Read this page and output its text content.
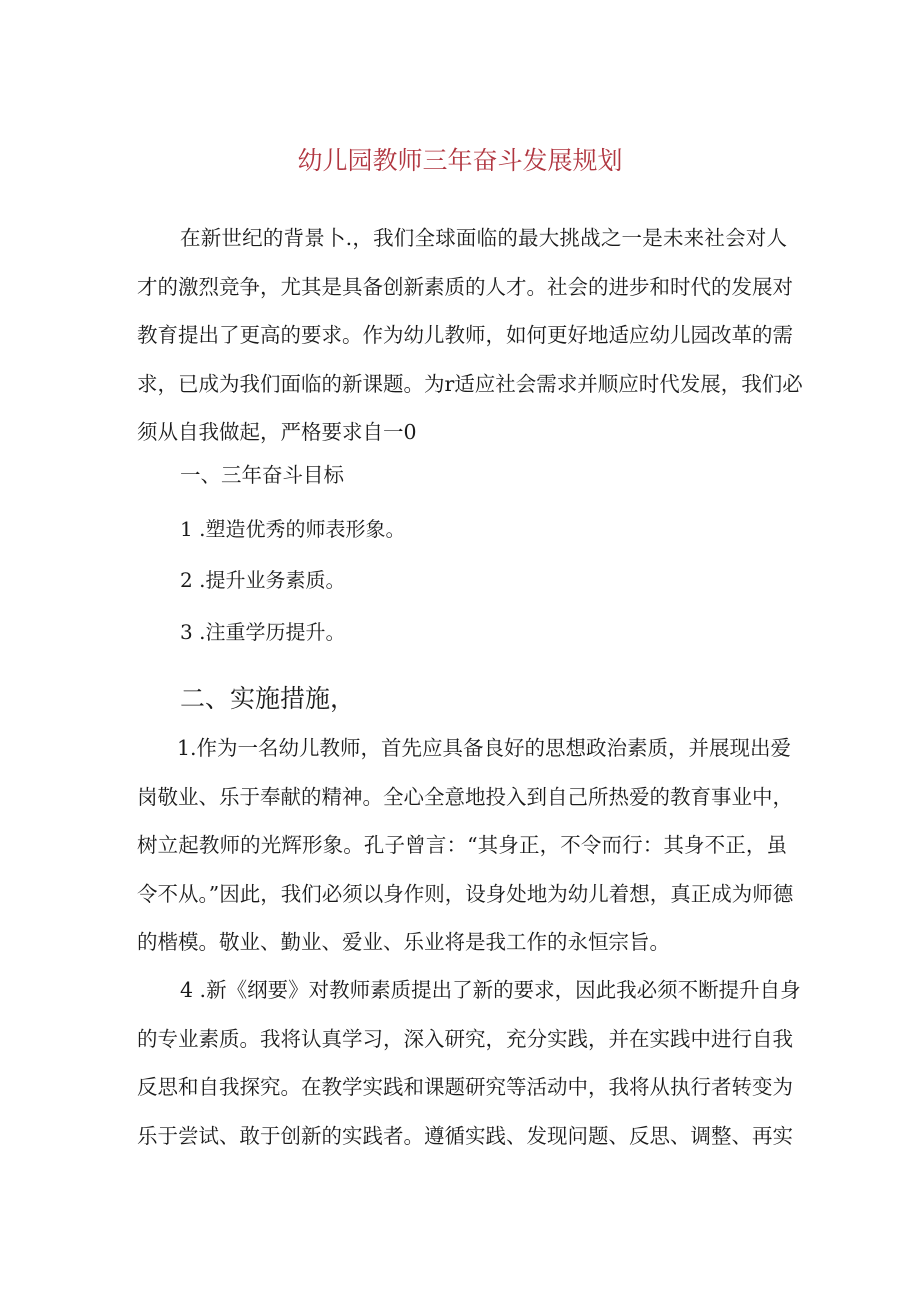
幼儿园教师三年奋斗发展规划
在新世纪的背景卜.，我们全球面临的最大挑战之一是未来社会对人
才的激烈竞争，尤其是具备创新素质的人才。社会的进步和时代的发展对
教育提出了更高的要求。作为幼儿教师，如何更好地适应幼儿园改革的需
求，已成为我们面临的新课题。为r适应社会需求并顺应时代发展，我们必
须从自我做起，严格要求自一0
一、三年奋斗目标
1 .塑造优秀的师表形象。
2 .提升业务素质。
3 .注重学历提升。
二、实施措施，
1.作为一名幼儿教师，首先应具备良好的思想政治素质，并展现出爱
岗敬业、乐于奉献的精神。全心全意地投入到自己所热爱的教育事业中，
树立起教师的光辉形象。孔子曾言：“其身正，不令而行：其身不正，虽
令不从。”因此，我们必须以身作则，设身处地为幼儿着想，真正成为师德
的楷模。敬业、勤业、爱业、乐业将是我工作的永恒宗旨。
4 .新《纲要》对教师素质提出了新的要求，因此我必须不断提升自身
的专业素质。我将认真学习，深入研究，充分实践，并在实践中进行自我
反思和自我探究。在教学实践和课题研究等活动中，我将从执行者转变为
乐于尝试、敢于创新的实践者。遵循实践、发现问题、反思、调整、再实
